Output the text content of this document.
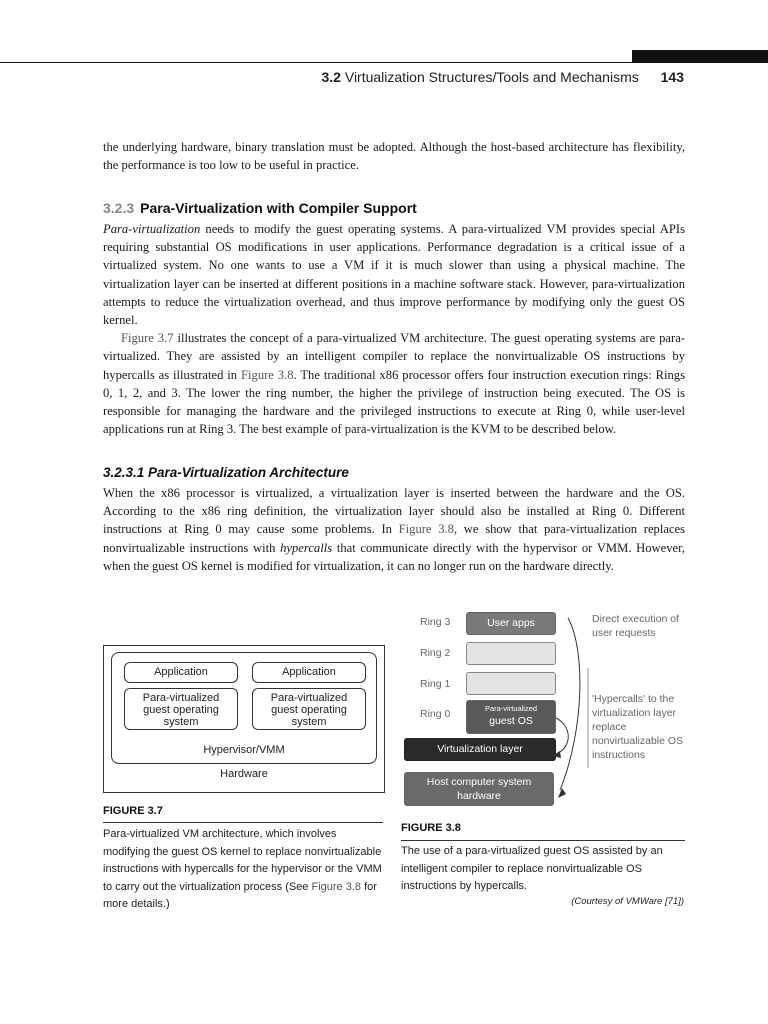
3.2 Virtualization Structures/Tools and Mechanisms 143

the underlying hardware, binary translation must be adopted. Although the host-based architecture has flexibility, the performance is too low to be useful in practice.

3.2.3 Para-Virtualization with Compiler Support

Para-virtualization needs to modify the guest operating systems. A para-virtualized VM provides special APIs requiring substantial OS modifications in user applications. Performance degradation is a critical issue of a virtualized system. No one wants to use a VM if it is much slower than using a physical machine. The virtualization layer can be inserted at different positions in a machine software stack. However, para-virtualization attempts to reduce the virtualization overhead, and thus improve performance by modifying only the guest OS kernel.

Figure 3.7 illustrates the concept of a para-virtualized VM architecture. The guest operating systems are para-virtualized. They are assisted by an intelligent compiler to replace the nonvirtualizable OS instructions by hypercalls as illustrated in Figure 3.8. The traditional x86 processor offers four instruction execution rings: Rings 0, 1, 2, and 3. The lower the ring number, the higher the privilege of instruction being executed. The OS is responsible for managing the hardware and the privileged instructions to execute at Ring 0, while user-level applications run at Ring 3. The best example of para-virtualization is the KVM to be described below.

3.2.3.1 Para-Virtualization Architecture

When the x86 processor is virtualized, a virtualization layer is inserted between the hardware and the OS. According to the x86 ring definition, the virtualization layer should also be installed at Ring 0. Different instructions at Ring 0 may cause some problems. In Figure 3.8, we show that para-virtualization replaces nonvirtualizable instructions with hypercalls that communicate directly with the hypervisor or VMM. However, when the guest OS kernel is modified for virtualization, it can no longer run on the hardware directly.

Application	Application
Para-virtualized guest operating system
Para-virtualized guest operating system
Hypervisor/VMM
Hardware
FIGURE 3.7
Para-virtualized VM architecture, which involves modifying the guest OS kernel to replace nonvirtualizable instructions with hypercalls for the hypervisor or the VMM to carry out the virtualization process (See Figure 3.8 for more details.)
Ring 3
Ring 2
Ring 1
Ring 0
User apps
Para-virtualized
guest OS
Virtualization layer
Host computer system hardware
Direct execution of user requests
'Hypercalls' to the virtualization layer replace nonvirtualizable OS instructions
FIGURE 3.8
The use of a para-virtualized guest OS assisted by an intelligent compiler to replace nonvirtualizable OS instructions by hypercalls.
(Courtesy of VMWare [71])
